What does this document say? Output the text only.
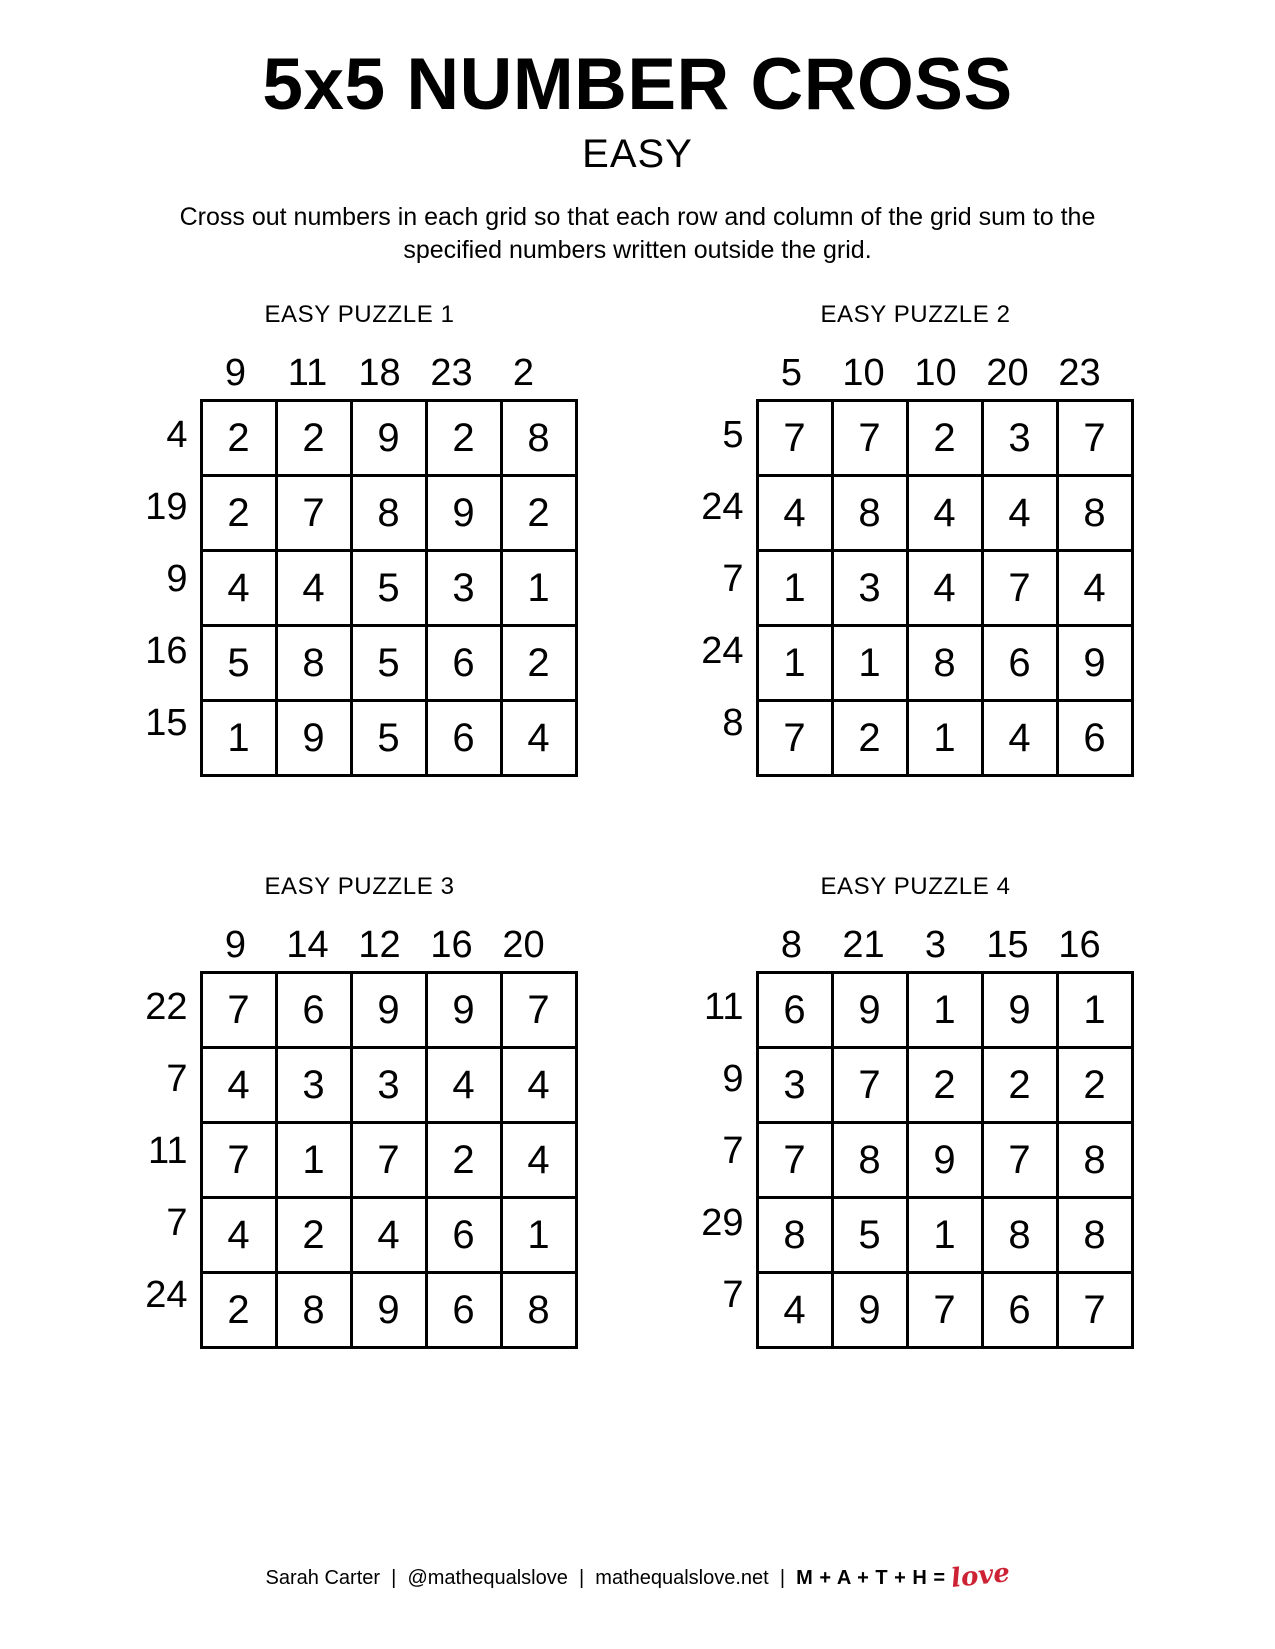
5x5 NUMBER CROSS
EASY
Cross out numbers in each grid so that each row and column of the grid sum to the specified numbers written outside the grid.
EASY PUZZLE 1
4
19
9
16
15
9	11 18 23	2
2	2	9	2	8
2	7	8	9	2
4	4	5	3	1
5	8	5	6	2
1	9	5	6	4
EASY PUZZLE 2
5
24
7
24
8
5	10 10 20 23
7	7	2	3	7
4	8	4	4	8
1	3	4	7	4
1	1	8	6	9
7	2	1	4	6
EASY PUZZLE 3
22
7
11
7
24
9	14 12 16 20
7	6	9	9	7
4	3	3	4	4
7	1	7	2	4
4	2	4	6	1
2	8	9	6	8
EASY PUZZLE 4
11
9
7
29
7
8	21	3	15 16
6	9	1	9	1
3	7	2	2	2
7	8	9	7	8
8	5	1	8	8
4	9	7	6	7
Sarah Carter | @mathequalslove | mathequalslove.net | M + A + T + H = love
